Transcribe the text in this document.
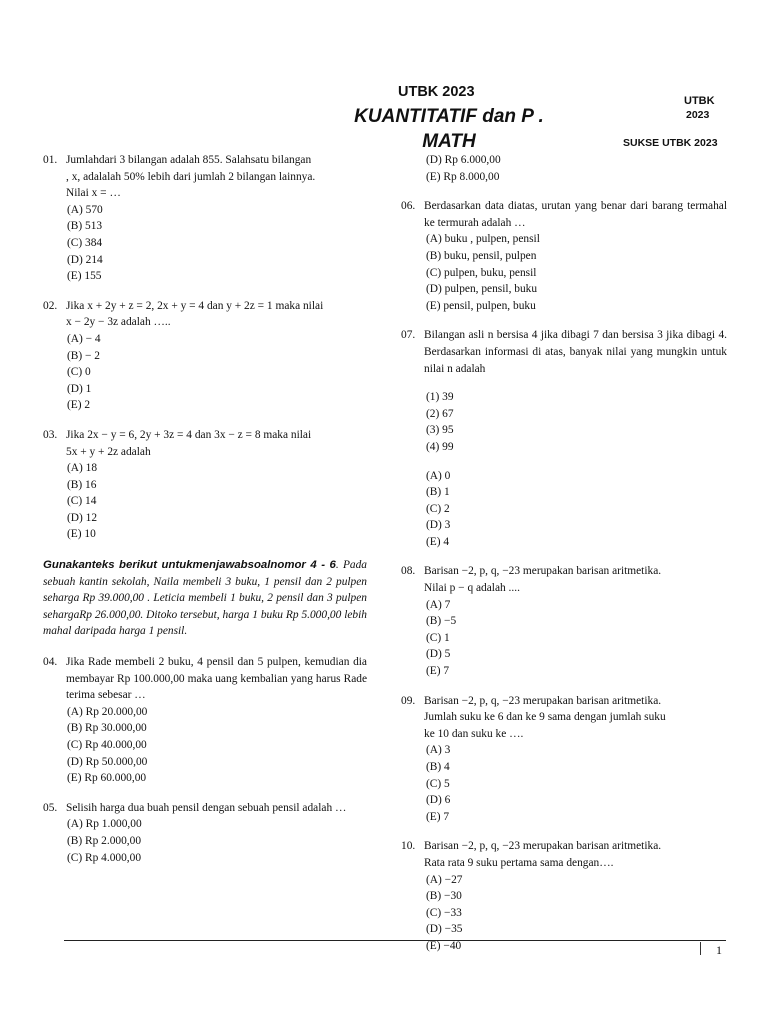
UTBK 2023
KUANTITATIF dan P .
MATH
UTBK
2023
SUKSE UTBK 2023
01. Jumlahdari 3 bilangan adalah 855. Salahsatu bilangan
, x, adalalah 50% lebih dari jumlah 2 bilangan lainnya.
Nilai x = …
(A) 570
(B) 513
(C) 384
(D) 214
(E) 155
02. Jika x + 2y + z = 2, 2x + y = 4 dan y + 2z = 1 maka nilai
x − 2y − 3z adalah …..
(A) − 4
(B) − 2
(C) 0
(D) 1
(E) 2
03. Jika 2x − y = 6, 2y + 3z = 4 dan 3x − z = 8 maka nilai
5x + y + 2z adalah
(A) 18
(B) 16
(C) 14
(D) 12
(E) 10
Gunakanteks berikut untukmenjawabsoalnomor 4 - 6. Pada sebuah kantin sekolah, Naila membeli 3 buku, 1 pensil dan 2 pulpen seharga Rp 39.000,00 . Leticia membeli 1 buku, 2 pensil dan 3 pulpen sehargaRp 26.000,00. Ditoko tersebut, harga 1 buku Rp 5.000,00 lebih mahal daripada harga 1 pensil.
04. Jika Rade membeli 2 buku, 4 pensil dan 5 pulpen, kemudian dia membayar Rp 100.000,00 maka uang kembalian yang harus Rade terima sebesar …
(A) Rp 20.000,00
(B) Rp 30.000,00
(C) Rp 40.000,00
(D) Rp 50.000,00
(E) Rp 60.000,00
05. Selisih harga dua buah pensil dengan sebuah pensil adalah …
(A) Rp 1.000,00
(B) Rp 2.000,00
(C) Rp 4.000,00
(D) Rp 6.000,00
(E) Rp 8.000,00
06. Berdasarkan data diatas, urutan yang benar dari barang termahal ke termurah adalah …
(A) buku , pulpen, pensil
(B) buku, pensil, pulpen
(C) pulpen, buku, pensil
(D) pulpen, pensil, buku
(E) pensil, pulpen, buku
07. Bilangan asli n bersisa 4 jika dibagi 7 dan bersisa 3 jika dibagi 4. Berdasarkan informasi di atas, banyak nilai yang mungkin untuk nilai n adalah
(1) 39
(2) 67
(3) 95
(4) 99
(A) 0
(B) 1
(C) 2
(D) 3
(E) 4
08. Barisan −2, p, q, −23 merupakan barisan aritmetika.
Nilai p − q adalah ....
(A) 7
(B) −5
(C) 1
(D) 5
(E) 7
09. Barisan −2, p, q, −23 merupakan barisan aritmetika.
Jumlah suku ke 6 dan ke 9 sama dengan jumlah suku
ke 10 dan suku ke ….
(A) 3
(B) 4
(C) 5
(D) 6
(E) 7
10. Barisan −2, p, q, −23 merupakan barisan aritmetika.
Rata rata 9 suku pertama sama dengan….
(A) −27
(B) −30
(C) −33
(D) −35
(E) −40	1
